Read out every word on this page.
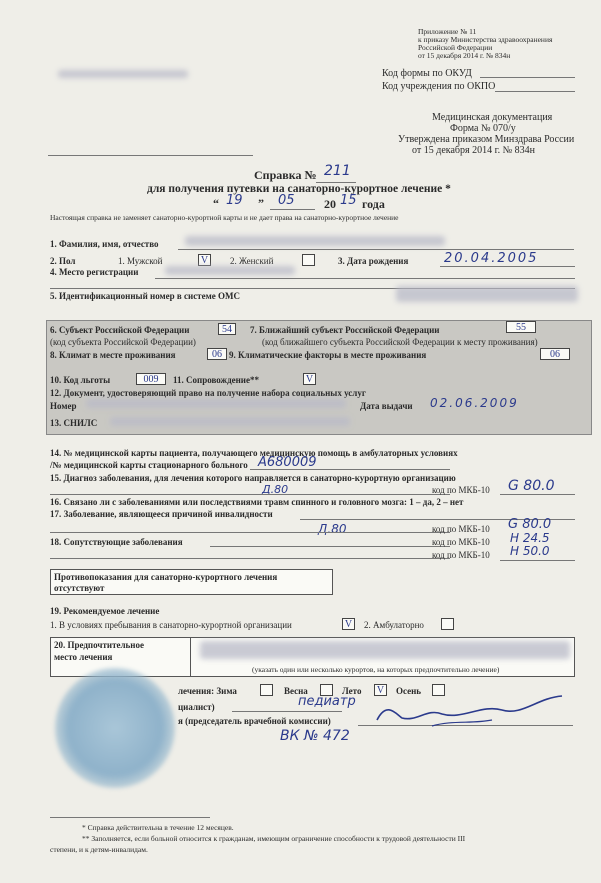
Приложение № 11
к приказу Министерства здравоохранения
Российской Федерации
от 15 декабря 2014 г. № 834н
Код формы по ОКУД
Код учреждения по ОКПО
Медицинская документация
Форма № 070/у
Утверждена приказом Минздрава России
от 15 декабря 2014 г. № 834н
Справка № 211
для получения путевки на санаторно-курортное лечение *
“ 19 ” 05 20 15 года
Настоящая справка не заменяет санаторно-курортной карты и не дает права на санаторно-курортное лечение
1. Фамилия, имя, отчество
2. Пол	1. Мужской	V	2. Женский	3. Дата рождения	20.04.2005
4. Место регистрации
5. Идентификационный номер в системе ОМС
6. Субъект Российской Федерации	54	7. Ближайший субъект Российской Федерации	55
(код субъекта Российской Федерации)	(код ближайшего субъекта Российской Федерации к месту проживания)
8. Климат в месте проживания	06 9. Климатические факторы в месте проживания	06
10. Код льготы	009	11. Сопровождение**	V
12. Документ, удостоверяющий право на получение набора социальных услуг
Номер	Дата выдачи 02.06.2009
13. СНИЛС
14. № медицинской карты пациента, получающего медицинскую помощь в амбулаторных условиях
/№ медицинской карты стационарного больного A680009
15. Диагноз заболевания, для лечения которого направляется в санаторно-курортную организацию
Д.80	код по МКБ-10 G 80.0
16. Связано ли с заболеваниями или последствиями травм спинного и головного мозга: 1 – да, 2 – нет
17. Заболевание, являющееся причиной инвалидности
Д.80	код по МКБ-10 G 80.0
18. Сопутствующие заболевания	код по МКБ-10 H 24.5
код по МКБ-10 H 50.0
Противопоказания для санаторно-курортного лечения
отсутствуют
19. Рекомендуемое лечение
1. В условиях пребывания в санаторно-курортной организации	V	2. Амбулаторно
20. Предпочтительное
место лечения
(указать один или несколько курортов, на которых предпочтительно лечение)
лечения: Зима	Весна	Лето V	Осень
циалист)	педиатр
я (председатель врачебной комиссии)
ВК № 472
* Справка действительна в течение 12 месяцев.
** Заполняется, если больной относится к гражданам, имеющим ограничение способности к трудовой деятельности III
степени, и к детям-инвалидам.
